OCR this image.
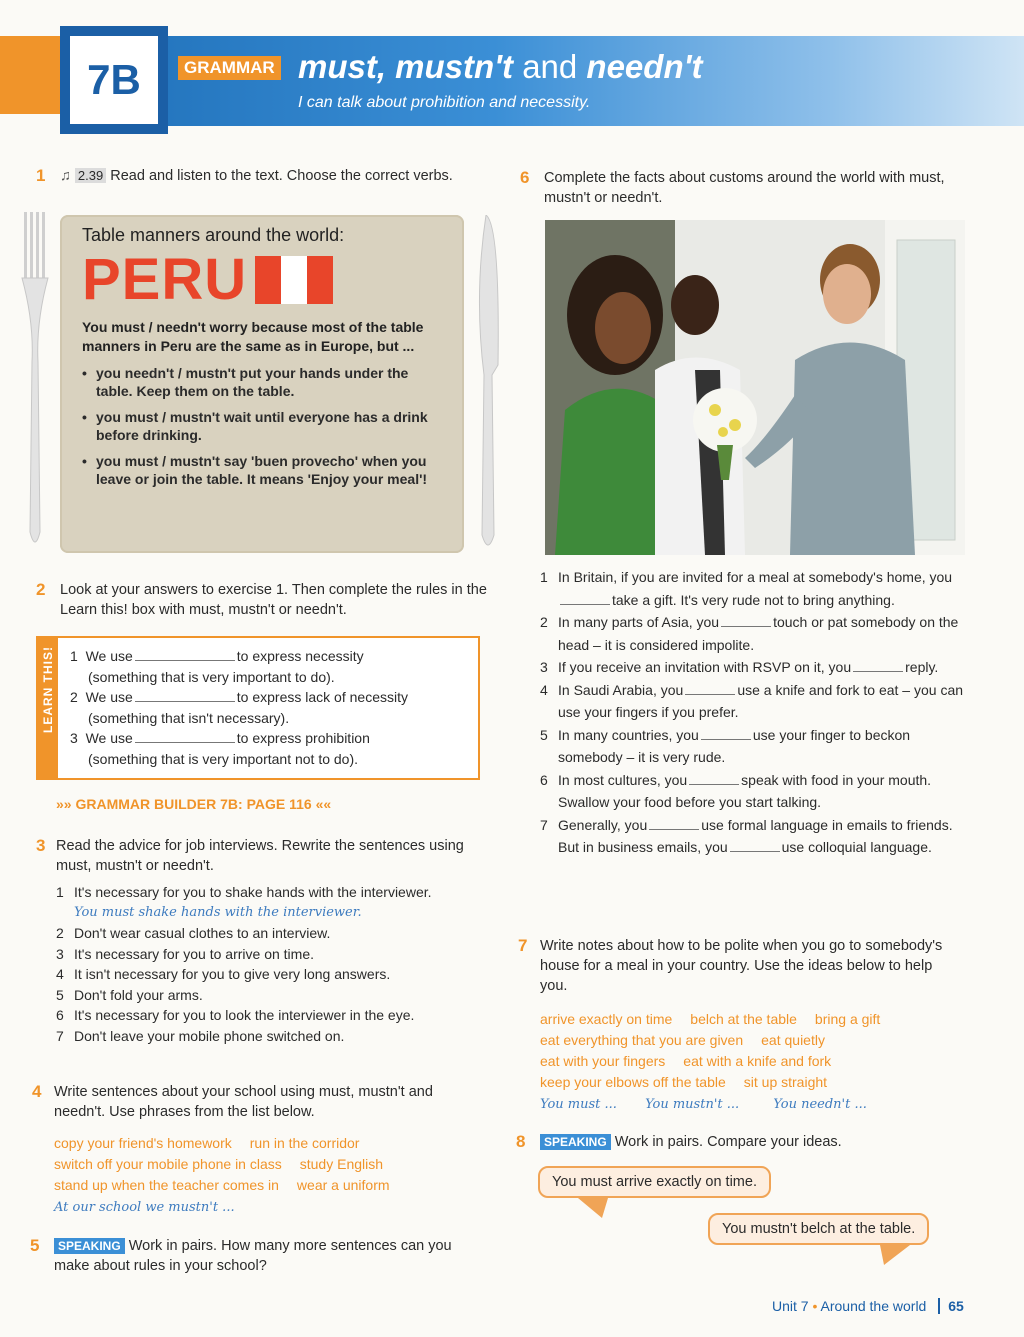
7B	GRAMMAR must, mustn't and needn't
I can talk about prohibition and necessity.
1 ♫ 2.39 Read and listen to the text. Choose the correct verbs.
Table manners around the world:
PERU

You must / needn't worry because most of the table manners in Peru are the same as in Europe, but ...

• you needn't / mustn't put your hands under the table. Keep them on the table.
• you must / mustn't wait until everyone has a drink before drinking.
• you must / mustn't say 'buen provecho' when you leave or join the table. It means 'Enjoy your meal'!
2 Look at your answers to exercise 1. Then complete the rules in the Learn this! box with must, mustn't or needn't.
LEARN THIS! 1 We use	to express necessity
(something that is very important to do).
2 We use	to express lack of necessity
(something that isn't necessary).
3 We use	to express prohibition
(something that is very important not to do).
»» GRAMMAR BUILDER 7B: PAGE 116 ««
3 Read the advice for job interviews. Rewrite the sentences using must, mustn't or needn't.
1 It's necessary for you to shake hands with the interviewer.
You must shake hands with the interviewer.
2 Don't wear casual clothes to an interview.
3 It's necessary for you to arrive on time.
4 It isn't necessary for you to give very long answers.
5 Don't fold your arms.
6 It's necessary for you to look the interviewer in the eye.
7 Don't leave your mobile phone switched on.
4 Write sentences about your school using must, mustn't and needn't. Use phrases from the list below.
copy your friend's homework run in the corridor
switch off your mobile phone in class study English
stand up when the teacher comes in wear a uniform
At our school we mustn't ...
5	SPEAKING Work in pairs. How many more sentences can you make about rules in your school?
6 Complete the facts about customs around the world with must, mustn't or needn't.
1 In Britain, if you are invited for a meal at somebody's home, youtake a gift. It's very rude not to bring anything.
2 In many parts of Asia, you	touch or pat somebody on the head – it is considered impolite.
3 If you receive an invitation with RSVP on it, you	reply.
4 In Saudi Arabia, you	use a knife and fork to eat – you can use your fingers if you prefer.
5 In many countries, you	use your finger to beckon somebody – it is very rude.
6 In most cultures, you	speak with food in your mouth. Swallow your food before you start talking.
7 Generally, you	use formal language in emails to friends. But in business emails, you	use colloquial language.
7 Write notes about how to be polite when you go to somebody's house for a meal in your country. Use the ideas below to help you.
arrive exactly on time belch at the table bring a gift
eat everything that you are given eat quietly
eat with your fingers eat with a knife and fork
keep your elbows off the table sit up straight
You must ... You mustn't ...	You needn't ...
8	SPEAKING Work in pairs. Compare your ideas.
You must arrive exactly on time.
You mustn't belch at the table.
Unit 7 • Around the world 65
